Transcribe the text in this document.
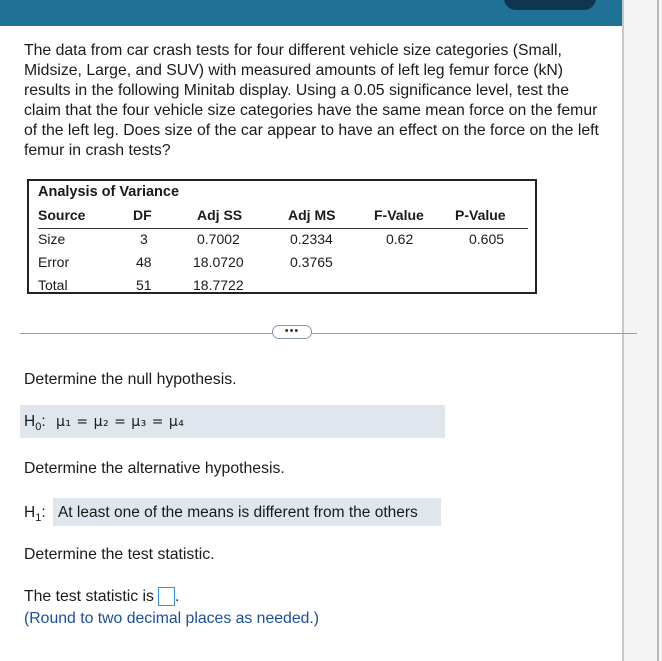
The data from car crash tests for four different vehicle size categories (Small, Midsize, Large, and SUV) with measured amounts of left leg femur force (kN) results in the following Minitab display. Using a 0.05 significance level, test the claim that the four vehicle size categories have the same mean force on the femur of the left leg. Does size of the car appear to have an effect on the force on the left femur in crash tests?

Analysis of Variance
Source	DF	Adj SS	Adj MS	F-Value P-Value
Size	3	0.7002	0.2334	0.62	0.605
Error	48	18.0720	0.3765
Total	51	18.7722
•••
Determine the null hypothesis.
$H_0$: μ₁ = μ₂ = μ₃ = μ₄
Determine the alternative hypothesis.
$H_1$: At least one of the means is different from the others
Determine the test statistic.
The test statistic is .
(Round to two decimal places as needed.)
